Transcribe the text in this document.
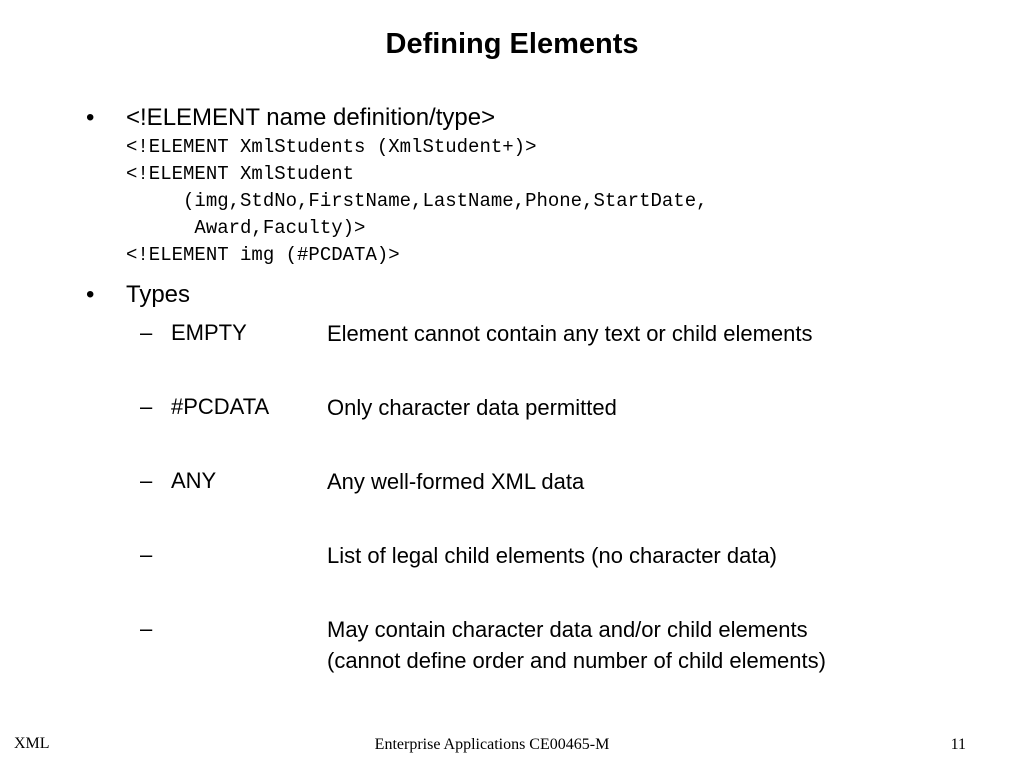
Defining Elements
• <!ELEMENT name definition/type>
<!ELEMENT XmlStudents (XmlStudent+)>
<!ELEMENT XmlStudent
(img,StdNo,FirstName,LastName,Phone,StartDate,
Award,Faculty)>
<!ELEMENT img (#PCDATA)>
• Types
– EMPTY	Element cannot contain any text or child elements
– #PCDATA	Only character data permitted
– ANY	Any well-formed XML data
–	List of legal child elements (no character data)
–	May contain character data and/or child elements
(cannot define order and number of child elements)
XML	Enterprise Applications CE00465-M	11
